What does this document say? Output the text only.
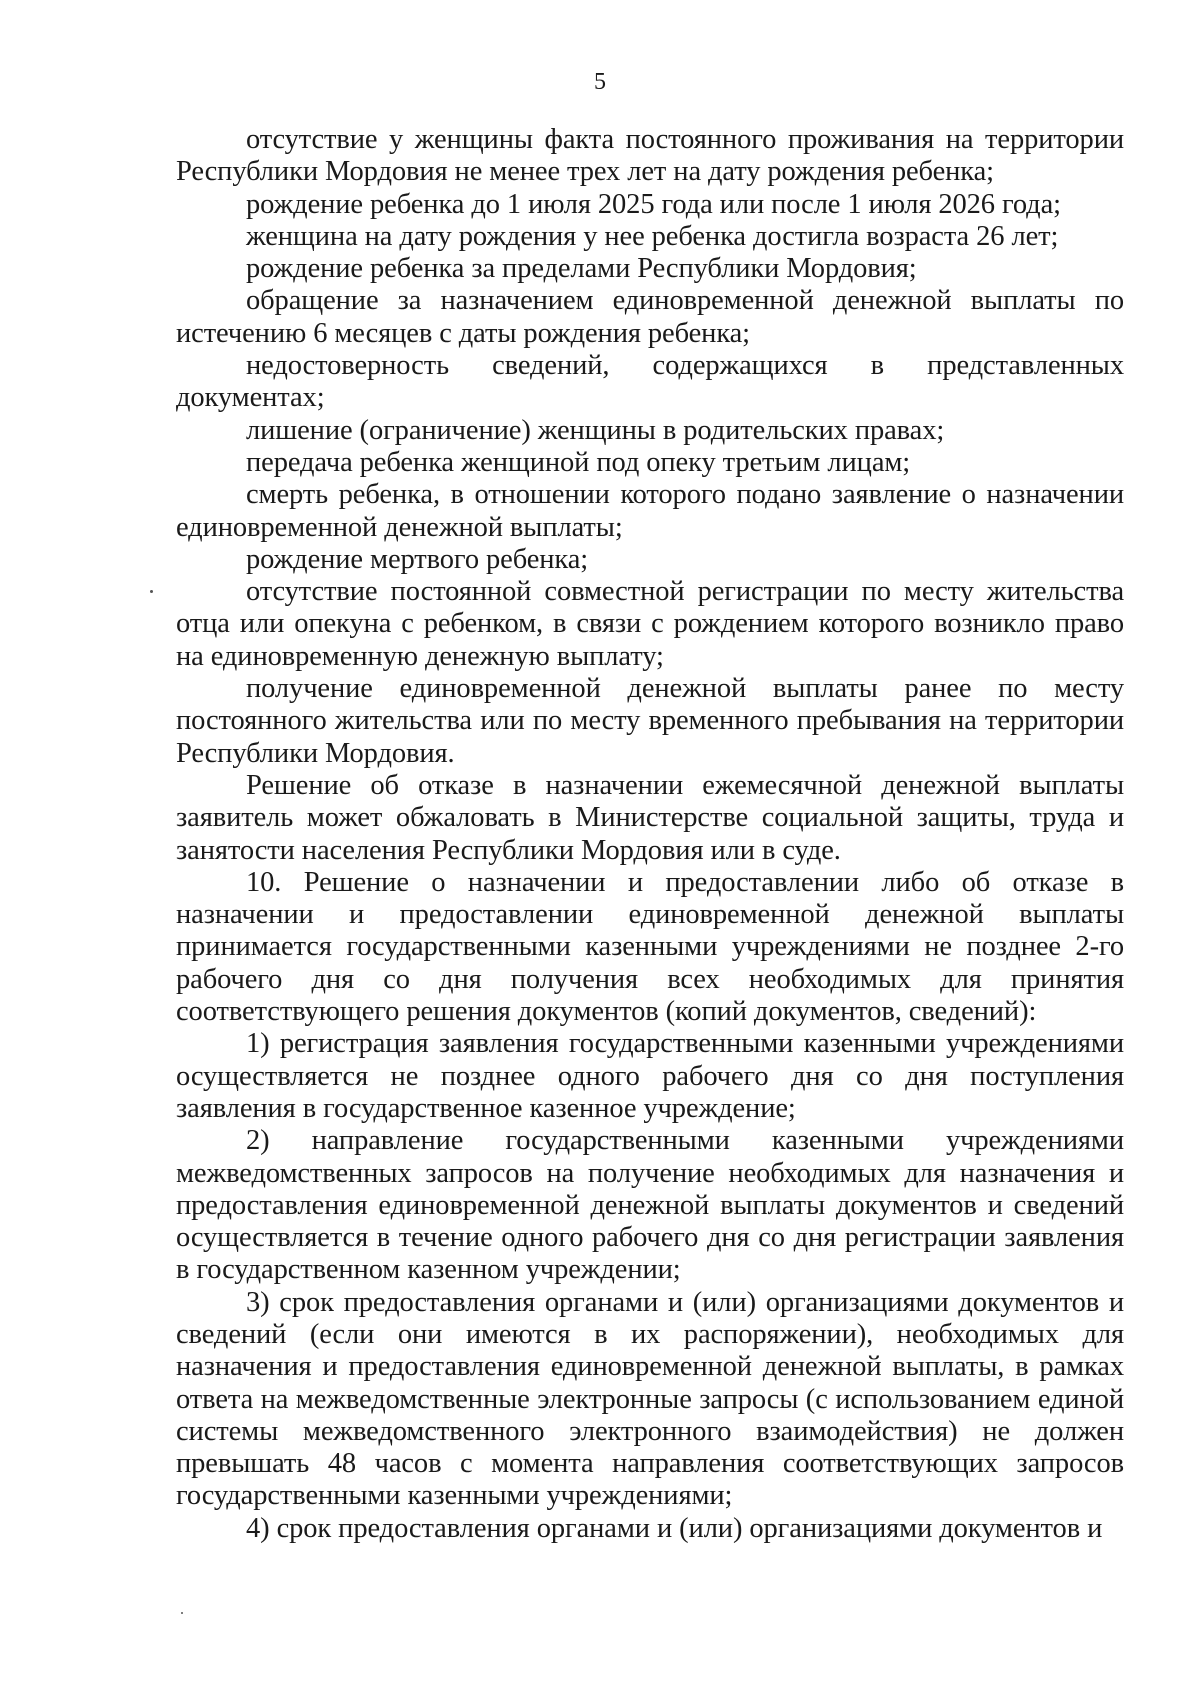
5

отсутствие у женщины факта постоянного проживания на территории Республики Мордовия не менее трех лет на дату рождения ребенка;

рождение ребенка до 1 июля 2025 года или после 1 июля 2026 года;

женщина на дату рождения у нее ребенка достигла возраста 26 лет;

рождение ребенка за пределами Республики Мордовия;

обращение за назначением единовременной денежной выплаты по истечению 6 месяцев с даты рождения ребенка;

недостоверность сведений, содержащихся в представленных документах;

лишение (ограничение) женщины в родительских правах;

передача ребенка женщиной под опеку третьим лицам;

смерть ребенка, в отношении которого подано заявление о назначении единовременной денежной выплаты;

рождение мертвого ребенка;

отсутствие постоянной совместной регистрации по месту жительства отца или опекуна с ребенком, в связи с рождением которого возникло право на единовременную денежную выплату;

получение единовременной денежной выплаты ранее по месту постоянного жительства или по месту временного пребывания на территории Республики Мордовия.

Решение об отказе в назначении ежемесячной денежной выплаты заявитель может обжаловать в Министерстве социальной защиты, труда и занятости населения Республики Мордовия или в суде.

10. Решение о назначении и предоставлении либо об отказе в назначении и предоставлении единовременной денежной выплаты принимается государственными казенными учреждениями не позднее 2-го рабочего дня со дня получения всех необходимых для принятия соответствующего решения документов (копий документов, сведений):

1) регистрация заявления государственными казенными учреждениями осуществляется не позднее одного рабочего дня со дня поступления заявления в государственное казенное учреждение;

2) направление государственными казенными учреждениями межведомственных запросов на получение необходимых для назначения и предоставления единовременной денежной выплаты документов и сведений осуществляется в течение одного рабочего дня со дня регистрации заявления в государственном казенном учреждении;

3) срок предоставления органами и (или) организациями документов и сведений (если они имеются в их распоряжении), необходимых для назначения и предоставления единовременной денежной выплаты, в рамках ответа на межведомственные электронные запросы (с использованием единой системы межведомственного электронного взаимодействия) не должен превышать 48 часов с момента направления соответствующих запросов государственными казенными учреждениями;

4) срок предоставления органами и (или) организациями документов и
